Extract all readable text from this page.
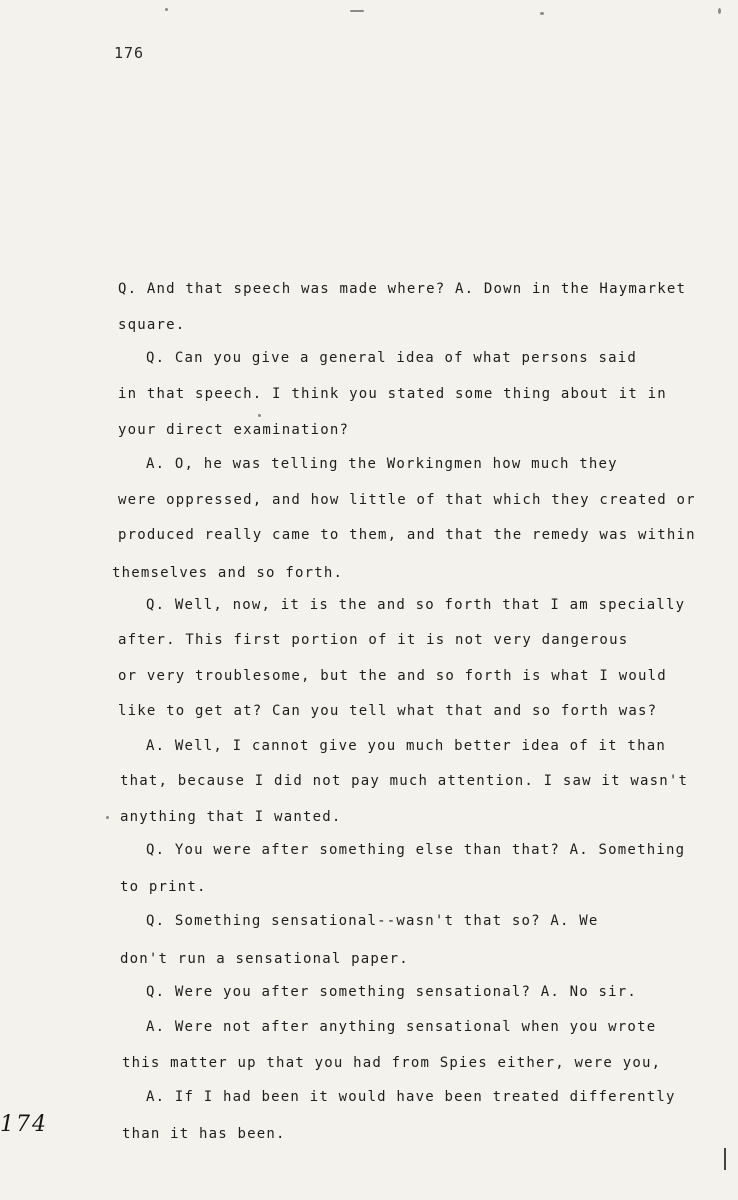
176
Q. And that speech was made where? A. Down in the Haymarket
square.
Q. Can you give a general idea of what persons said
in that speech. I think you stated some thing about it in
your direct examination?
A. O, he was telling the Workingmen how much they
were oppressed, and how little of that which they created or
produced really came to them, and that the remedy was within
themselves and so forth.
Q. Well, now, it is the and so forth that I am specially
after. This first portion of it is not very dangerous
or very troublesome, but the and so forth is what I would
like to get at? Can you tell what that and so forth was?
A. Well, I cannot give you much better idea of it than
that, because I did not pay much attention. I saw it wasn't
anything that I wanted.
Q. You were after something else than that? A. Something
to print.
Q. Something sensational--wasn't that so? A. We
don't run a sensational paper.
Q. Were you after something sensational? A. No sir.
A. Were not after anything sensational when you wrote
this matter up that you had from Spies either, were you,
A. If I had been it would have been treated differently
than it has been.
174
